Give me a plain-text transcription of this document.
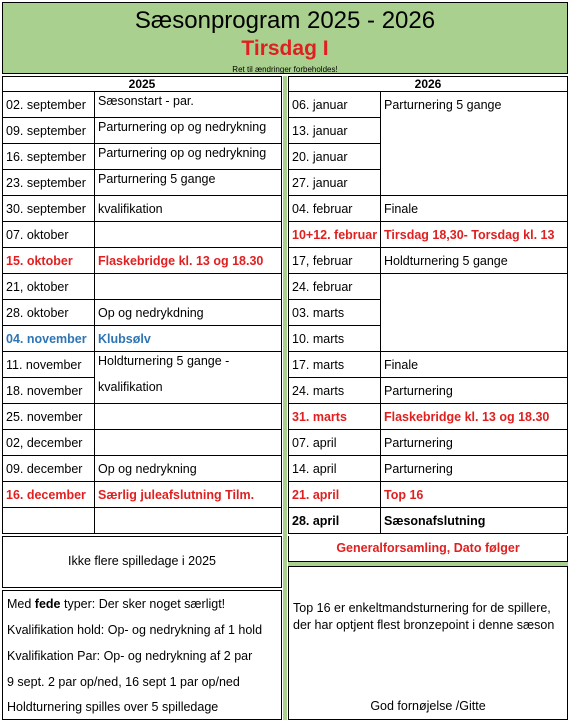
Sæsonprogram 2025 - 2026
Tirsdag I
Ret til ændringer forbeholdes!
2025
02. september Sæsonstart - par.
09. september Parturnering op og nedrykning
16. september Parturnering op og nedrykning
23. september Parturnering 5 gange
30. september kvalifikation
07. oktober
15. oktober	Flaskebridge kl. 13 og 18.30
21, oktober
28. oktober	Op og nedrykdning
04. november Klubsølv
11. november	Holdturnering 5 gange -
18. november	kvalifikation
25. november
02, december
09. december	Op og nedrykning
16. december Særlig juleafslutning Tilm.
2026
06. januar	Parturnering 5 gange
13. januar
20. januar
27. januar
04. februar	Finale
10+12. februar Tirsdag 18,30- Torsdag kl. 13
17, februar	Holdturnering 5 gange
24. februar
03. marts
10. marts
17. marts	Finale
24. marts	Parturnering
31. marts	Flaskebridge kl. 13 og 18.30
07. april	Parturnering
14. april	Parturnering
21. april	Top 16
28. april	Sæsonafslutning
Ikke flere spilledage i 2025
Med fede typer: Der sker noget særligt!
Kvalifikation hold: Op- og nedrykning af 1 hold
Kvalifikation Par: Op- og nedrykning af 2 par
9 sept. 2 par op/ned, 16 sept 1 par op/ned
Holdturnering spilles over 5 spilledage
Generalforsamling, Dato følger
Top 16 er enkeltmandsturnering for de spillere,
der har optjent flest bronzepoint i denne sæson
God fornøjelse /Gitte
